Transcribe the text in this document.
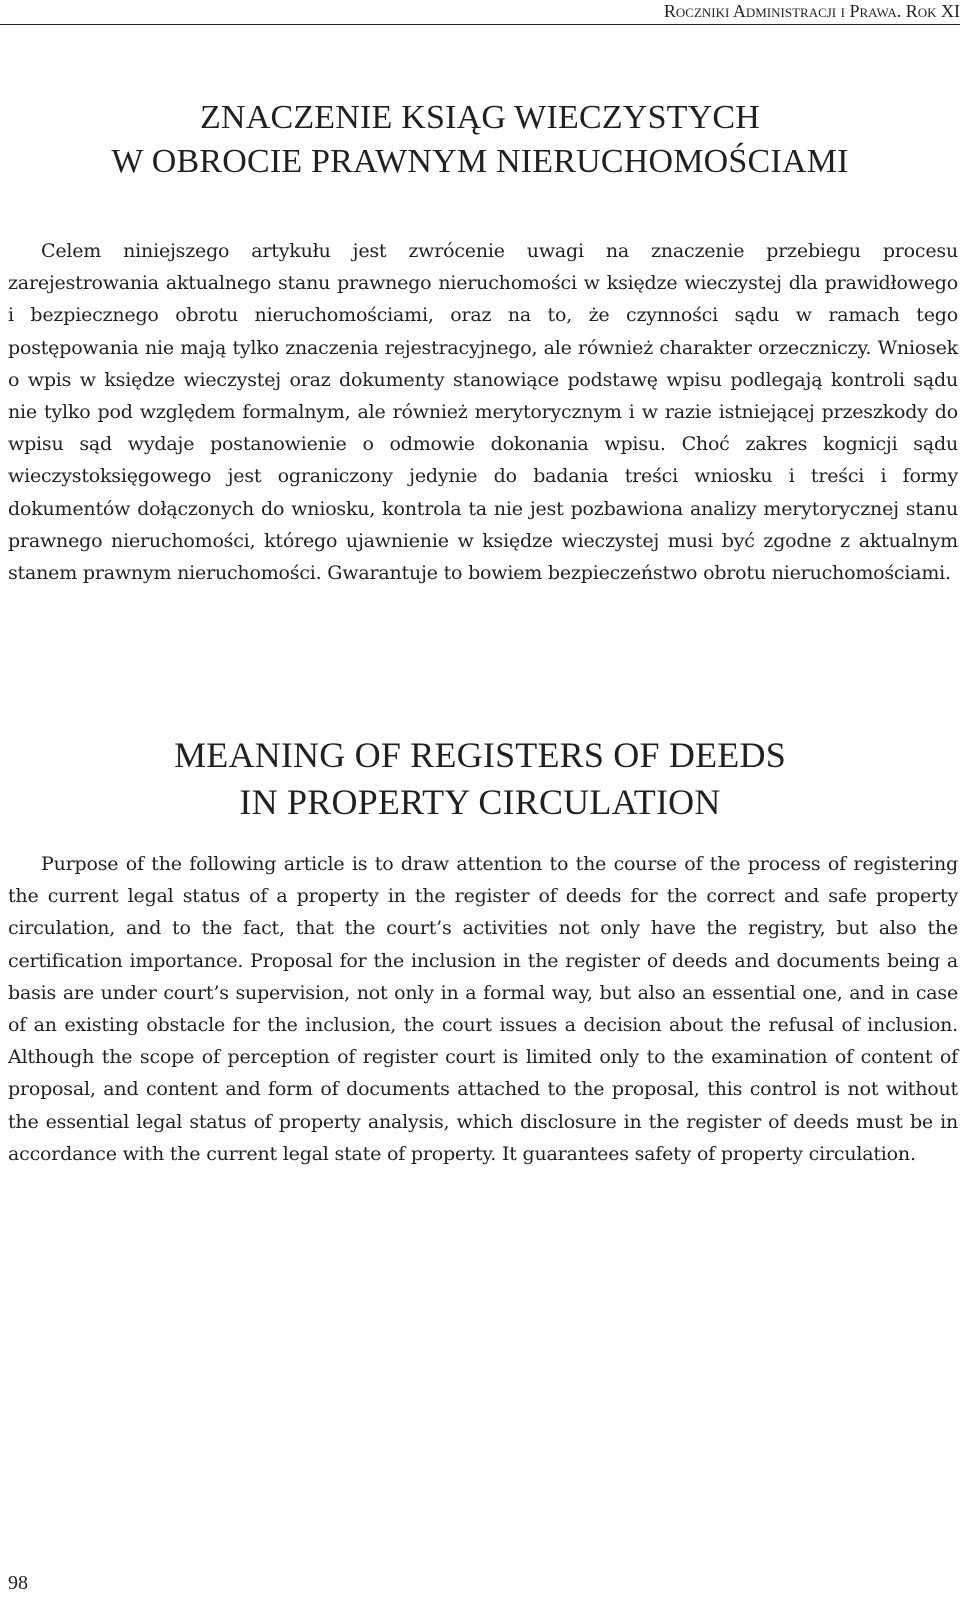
Roczniki Administracji i Prawa. Rok XI
ZNACZENIE KSIĄG WIECZYSTYCH
W OBROCIE PRAWNYM NIERUCHOMOŚCIAMI

Celem niniejszego artykułu jest zwrócenie uwagi na znaczenie przebiegu procesu zarejestrowania aktualnego stanu prawnego nieruchomości w księdze wieczystej dla prawidłowego i bezpiecznego obrotu nieruchomościami, oraz na to, że czynności sądu w ramach tego postępowania nie mają tylko znaczenia rejestracyjnego, ale również charakter orzeczniczy. Wniosek o wpis w księdze wieczystej oraz dokumenty stanowiące podstawę wpisu podlegają kontroli sądu nie tylko pod względem formalnym, ale również merytorycznym i w razie istniejącej przeszkody do wpisu sąd wydaje postanowienie o odmowie dokonania wpisu. Choć zakres kognicji sądu wieczystoksięgowego jest ograniczony jedynie do badania treści wniosku i treści i formy dokumentów dołączonych do wniosku, kontrola ta nie jest pozbawiona analizy merytorycznej stanu prawnego nieruchomości, którego ujawnienie w księdze wieczystej musi być zgodne z aktualnym stanem prawnym nieruchomości. Gwarantuje to bowiem bezpieczeństwo obrotu nieruchomościami.

MEANING OF REGISTERS OF DEEDS
IN PROPERTY CIRCULATION

Purpose of the following article is to draw attention to the course of the process of registering the current legal status of a property in the register of deeds for the correct and safe property circulation, and to the fact, that the court’s activities not only have the registry, but also the certification importance. Proposal for the inclusion in the register of deeds and documents being a basis are under court’s supervision, not only in a formal way, but also an essential one, and in case of an existing obstacle for the inclusion, the court issues a decision about the refusal of inclusion. Although the scope of perception of register court is limited only to the examination of content of proposal, and content and form of documents attached to the proposal, this control is not without the essential legal status of property analysis, which disclosure in the register of deeds must be in accordance with the current legal state of property. It guarantees safety of property circulation.

98
